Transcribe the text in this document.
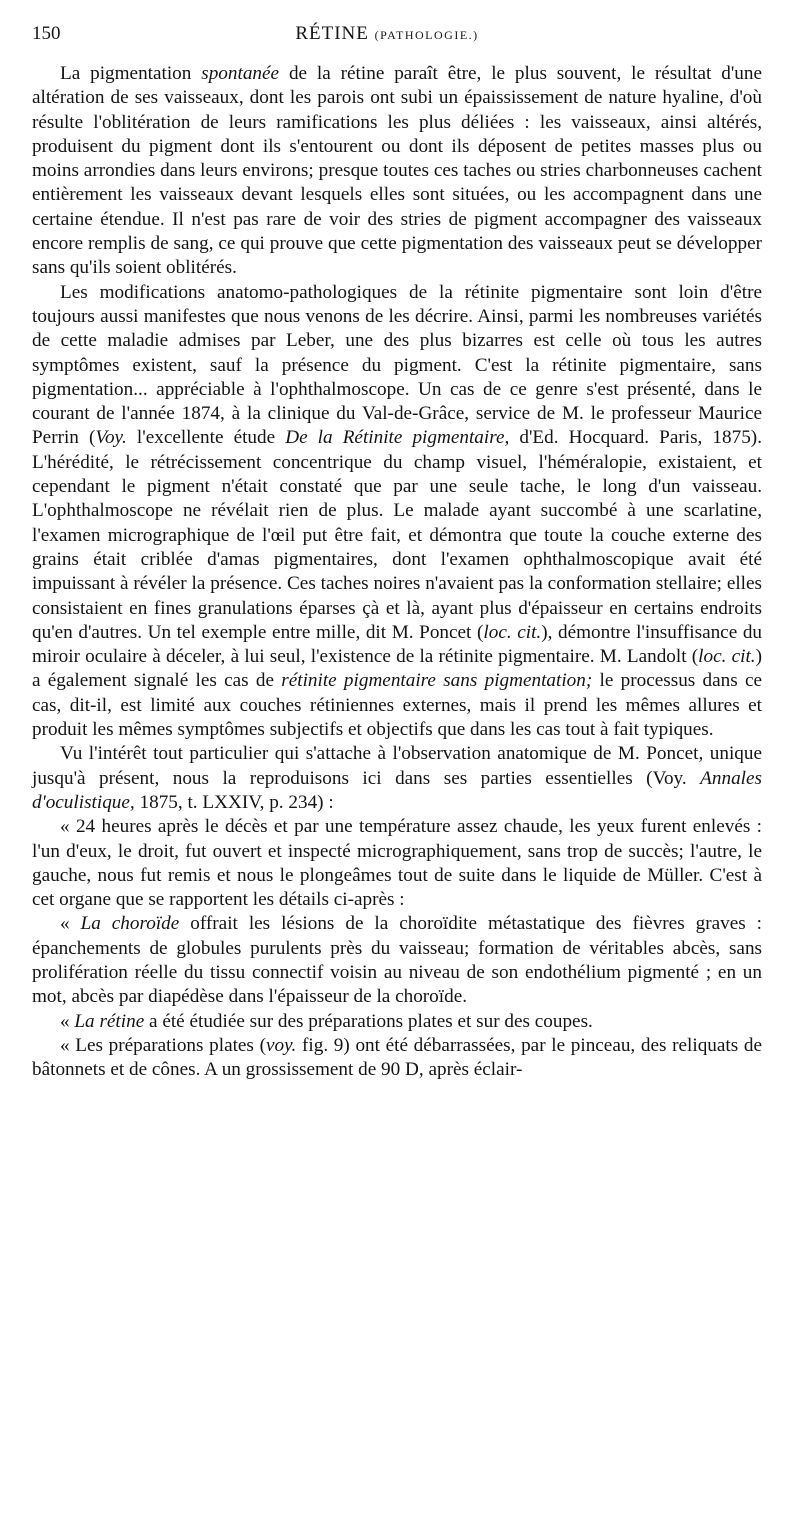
150	RÉTINE (PATHOLOGIE.)

La pigmentation spontanée de la rétine paraît être, le plus souvent, le résultat d'une altération de ses vaisseaux, dont les parois ont subi un épaississement de nature hyaline, d'où résulte l'oblitération de leurs ramifications les plus déliées : les vaisseaux, ainsi altérés, produisent du pigment dont ils s'entourent ou dont ils déposent de petites masses plus ou moins arrondies dans leurs environs; presque toutes ces taches ou stries charbonneuses cachent entièrement les vaisseaux devant lesquels elles sont situées, ou les accompagnent dans une certaine étendue. Il n'est pas rare de voir des stries de pigment accompagner des vaisseaux encore remplis de sang, ce qui prouve que cette pigmentation des vaisseaux peut se développer sans qu'ils soient oblitérés.

Les modifications anatomo-pathologiques de la rétinite pigmentaire sont loin d'être toujours aussi manifestes que nous venons de les décrire. Ainsi, parmi les nombreuses variétés de cette maladie admises par Leber, une des plus bizarres est celle où tous les autres symptômes existent, sauf la présence du pigment. C'est la rétinite pigmentaire, sans pigmentation... appréciable à l'ophthalmoscope. Un cas de ce genre s'est présenté, dans le courant de l'année 1874, à la clinique du Val-de-Grâce, service de M. le professeur Maurice Perrin (Voy. l'excellente étude De la Rétinite pigmentaire, d'Ed. Hocquard. Paris, 1875). L'hérédité, le rétrécissement concentrique du champ visuel, l'héméralopie, existaient, et cependant le pigment n'était constaté que par une seule tache, le long d'un vaisseau. L'ophthalmoscope ne révélait rien de plus. Le malade ayant succombé à une scarlatine, l'examen micrographique de l'œil put être fait, et démontra que toute la couche externe des grains était criblée d'amas pigmentaires, dont l'examen ophthalmoscopique avait été impuissant à révéler la présence. Ces taches noires n'avaient pas la conformation stellaire; elles consistaient en fines granulations éparses çà et là, ayant plus d'épaisseur en certains endroits qu'en d'autres. Un tel exemple entre mille, dit M. Poncet (loc. cit.), démontre l'insuffisance du miroir oculaire à déceler, à lui seul, l'existence de la rétinite pigmentaire. M. Landolt (loc. cit.) a également signalé les cas de rétinite pigmentaire sans pigmentation; le processus dans ce cas, dit-il, est limité aux couches rétiniennes externes, mais il prend les mêmes allures et produit les mêmes symptômes subjectifs et objectifs que dans les cas tout à fait typiques.

Vu l'intérêt tout particulier qui s'attache à l'observation anatomique de M. Poncet, unique jusqu'à présent, nous la reproduisons ici dans ses parties essentielles (Voy. Annales d'oculistique, 1875, t. LXXIV, p. 234) :

« 24 heures après le décès et par une température assez chaude, les yeux furent enlevés : l'un d'eux, le droit, fut ouvert et inspecté micrographiquement, sans trop de succès; l'autre, le gauche, nous fut remis et nous le plongeâmes tout de suite dans le liquide de Müller. C'est à cet organe que se rapportent les détails ci-après :

« La choroïde offrait les lésions de la choroïdite métastatique des fièvres graves : épanchements de globules purulents près du vaisseau; formation de véritables abcès, sans prolifération réelle du tissu connectif voisin au niveau de son endothélium pigmenté ; en un mot, abcès par diapédèse dans l'épaisseur de la choroïde.

« La rétine a été étudiée sur des préparations plates et sur des coupes.

« Les préparations plates (voy. fig. 9) ont été débarrassées, par le pinceau, des reliquats de bâtonnets et de cônes. A un grossissement de 90 D, après éclair-
